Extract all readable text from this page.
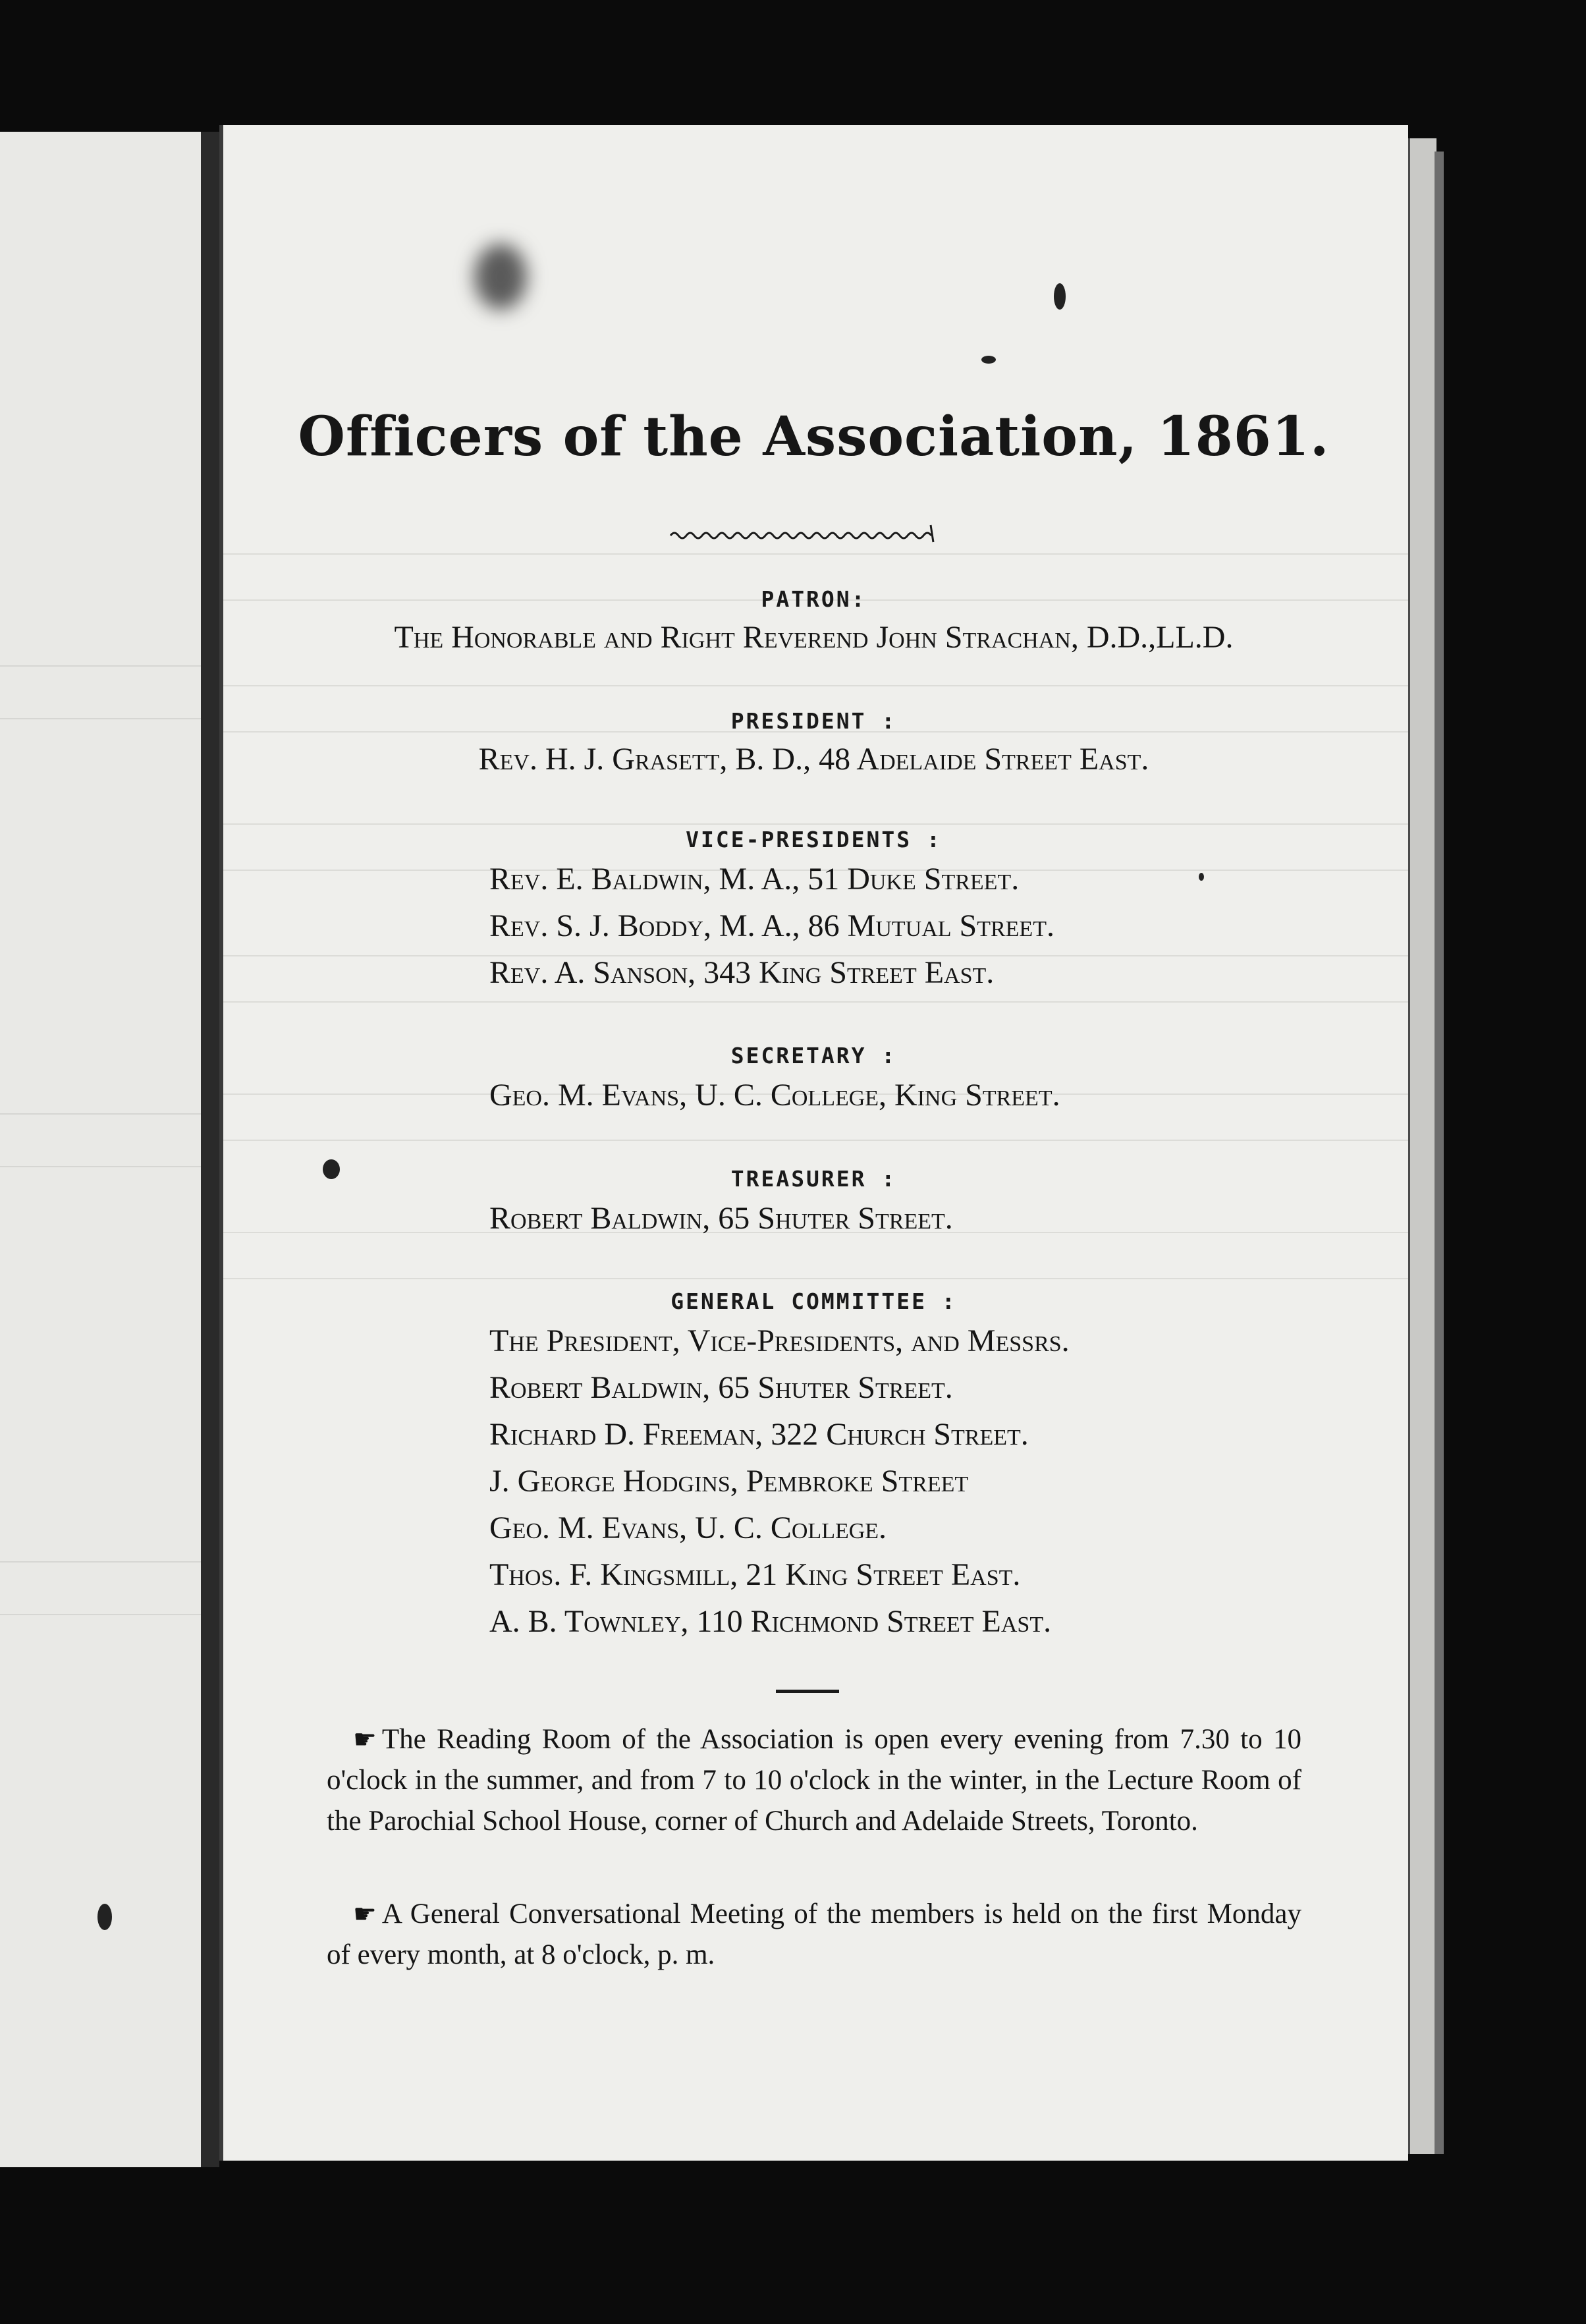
Officers of the Association, 1861.
PATRON:
The Honorable and Right Reverend John Strachan, D.D.,LL.D.
PRESIDENT :
Rev. H. J. Grasett, B. D., 48 Adelaide Street East.
VICE-PRESIDENTS :
Rev. E. Baldwin, M. A., 51 Duke Street.
Rev. S. J. Boddy, M. A., 86 Mutual Street.
Rev. A. Sanson, 343 King Street East.
SECRETARY :
Geo. M. Evans, U. C. College, King Street.
TREASURER :
Robert Baldwin, 65 Shuter Street.
GENERAL COMMITTEE :
The President, Vice-Presidents, and Messrs.
Robert Baldwin, 65 Shuter Street.
Richard D. Freeman, 322 Church Street.
J. George Hodgins, Pembroke Street
Geo. M. Evans, U. C. College.
Thos. F. Kingsmill, 21 King Street East.
A. B. Townley, 110 Richmond Street East.
☛ The Reading Room of the Association is open every evening from 7.30 to 10 o'clock in the summer, and from 7 to 10 o'clock in the winter, in the Lecture Room of the Parochial School House, corner of Church and Adelaide Streets, Toronto.
☛ A General Conversational Meeting of the members is held on the first Monday of every month, at 8 o'clock, p. m.
